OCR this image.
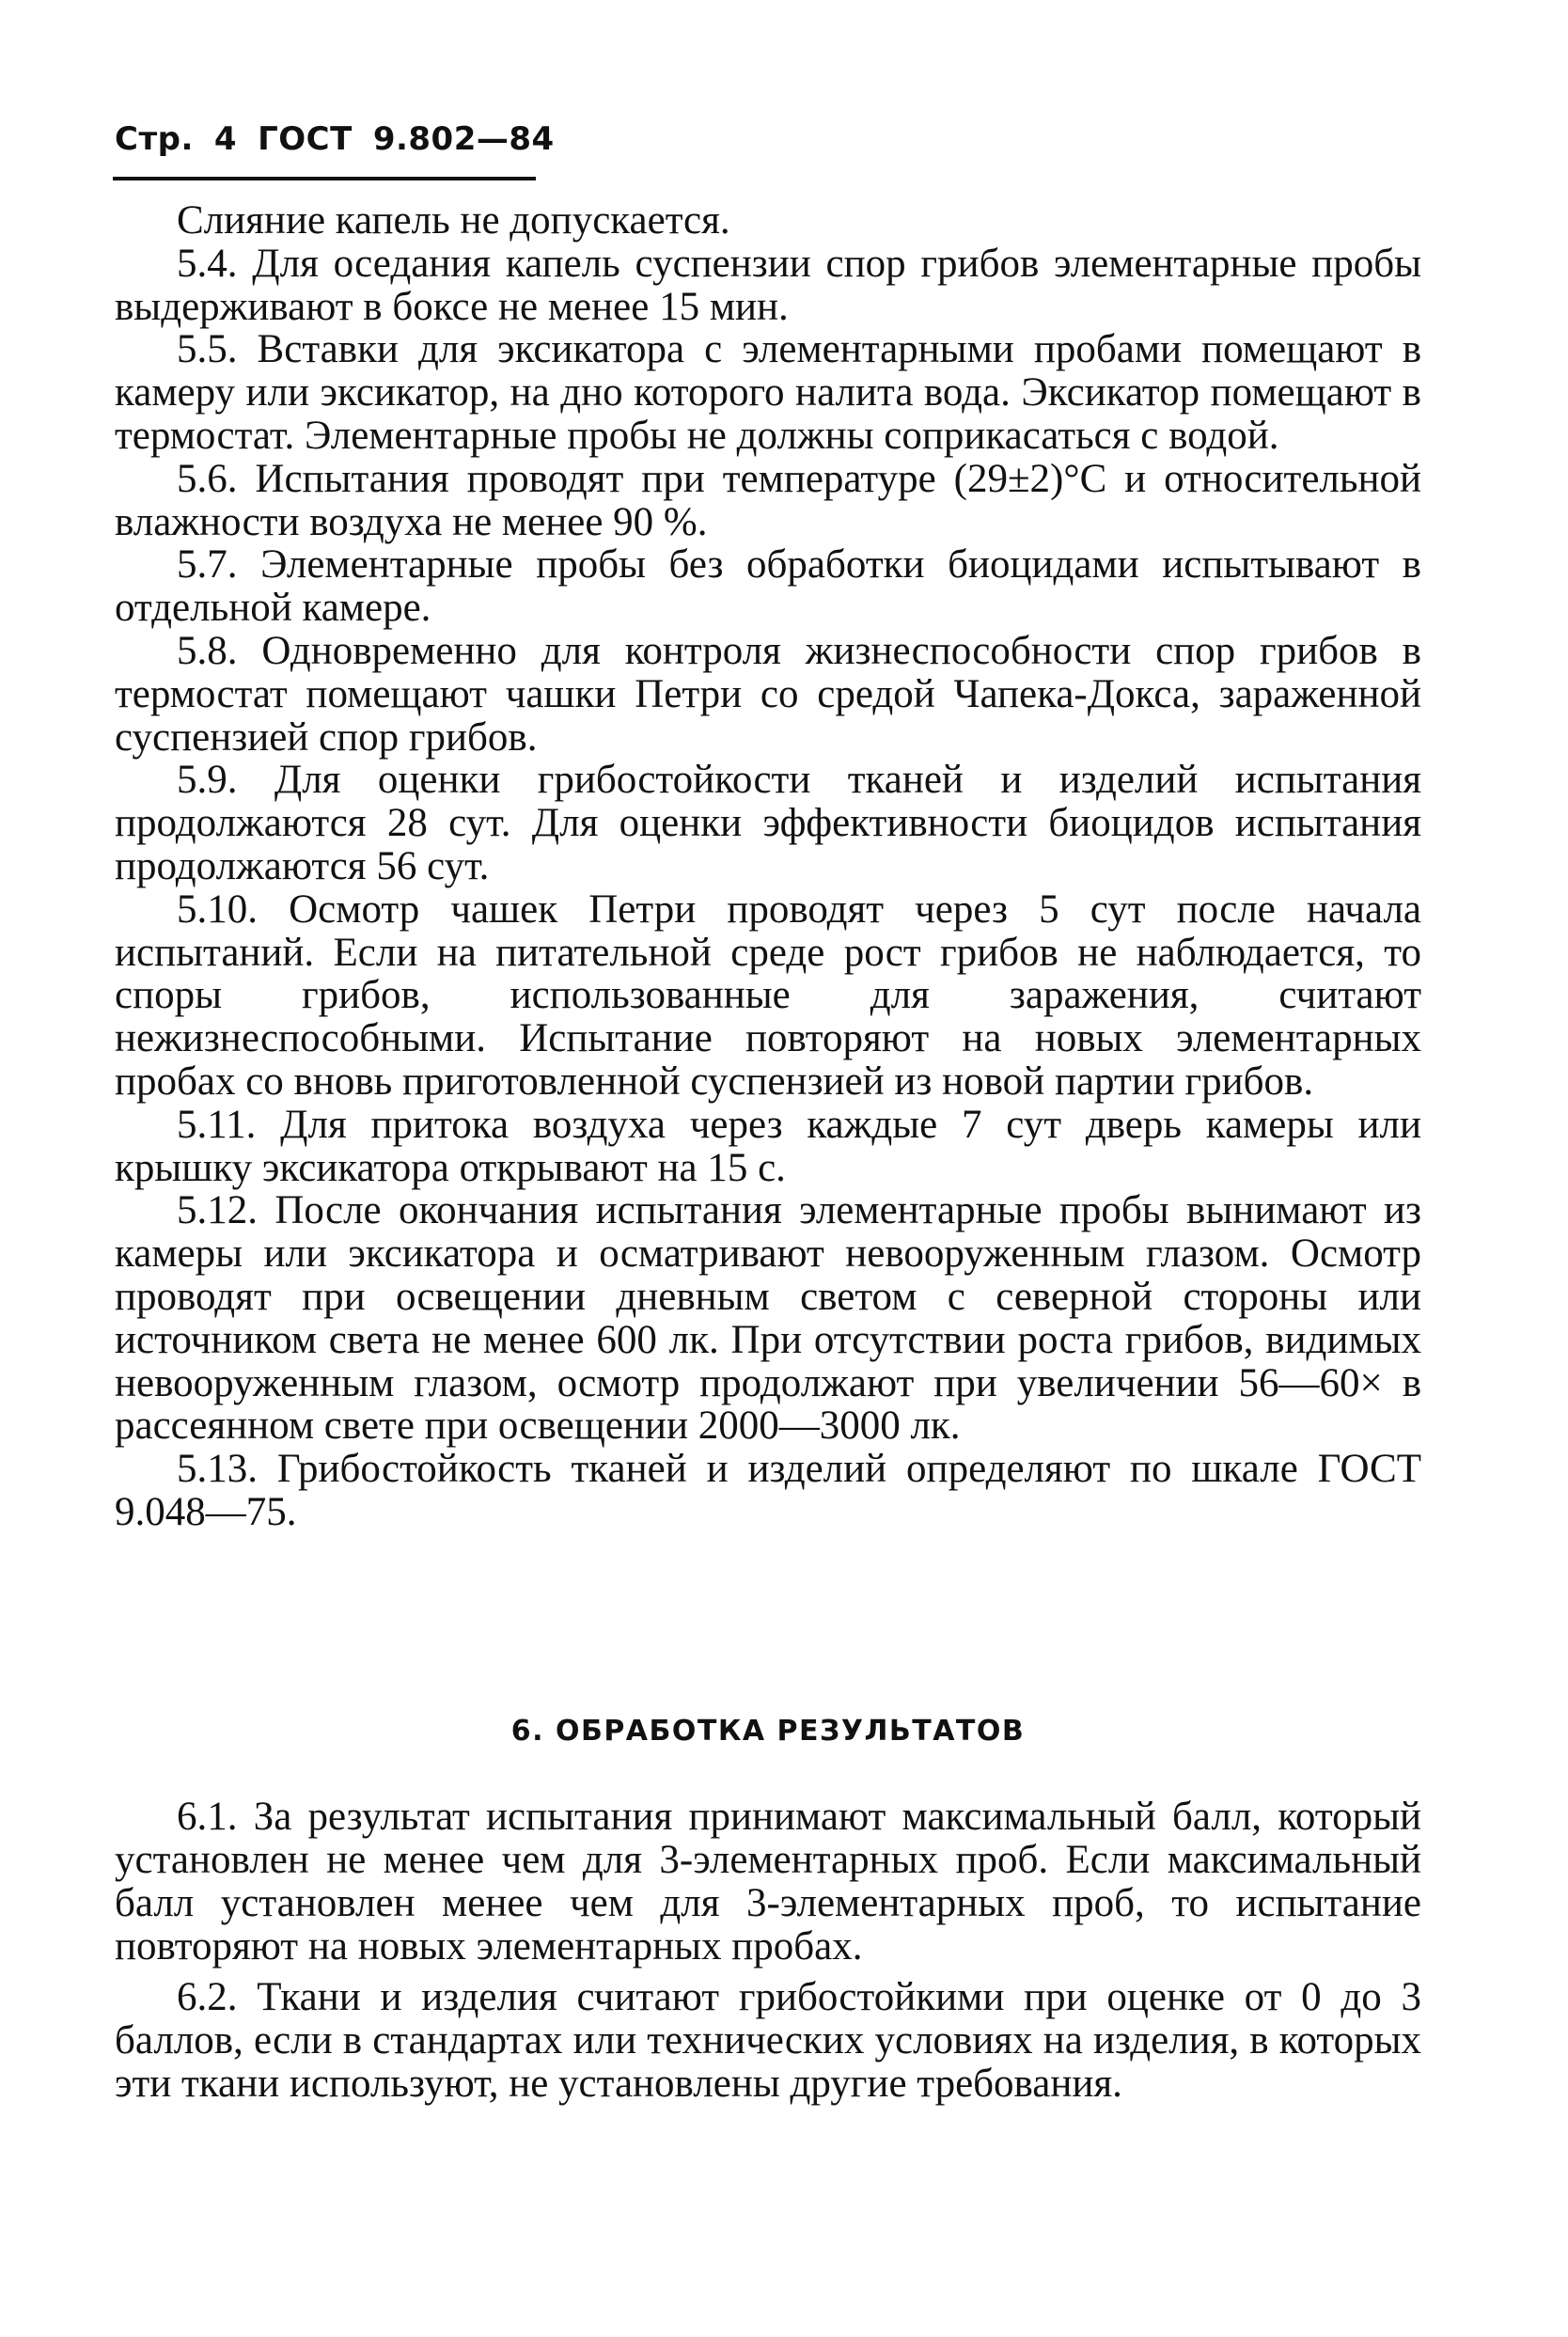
Стр. 4 ГОСТ 9.802—84

Слияние капель не допускается.

5.4. Для оседания капель суспензии спор грибов элементарные пробы выдерживают в боксе не менее 15 мин.

5.5. Вставки для эксикатора с элементарными пробами помещают в камеру или эксикатор, на дно которого налита вода. Эксикатор помещают в термостат. Элементарные пробы не должны соприкасаться с водой.

5.6. Испытания проводят при температуре (29±2)°С и относительной влажности воздуха не менее 90 %.

5.7. Элементарные пробы без обработки биоцидами испытывают в отдельной камере.

5.8. Одновременно для контроля жизнеспособности спор грибов в термостат помещают чашки Петри со средой Чапека-Докса, зараженной суспензией спор грибов.

5.9. Для оценки грибостойкости тканей и изделий испытания продолжаются 28 сут. Для оценки эффективности биоцидов испытания продолжаются 56 сут.

5.10. Осмотр чашек Петри проводят через 5 сут после начала испытаний. Если на питательной среде рост грибов не наблюдается, то споры грибов, использованные для заражения, считают нежизнеспособными. Испытание повторяют на новых элементарных пробах со вновь приготовленной суспензией из новой партии грибов.

5.11. Для притока воздуха через каждые 7 сут дверь камеры или крышку эксикатора открывают на 15 с.

5.12. После окончания испытания элементарные пробы вынимают из камеры или эксикатора и осматривают невооруженным глазом. Осмотр проводят при освещении дневным светом с северной стороны или источником света не менее 600 лк. При отсутствии роста грибов, видимых невооруженным глазом, осмотр продолжают при увеличении 56—60× в рассеянном свете при освещении 2000—3000 лк.

5.13. Грибостойкость тканей и изделий определяют по шкале ГОСТ 9.048—75.

6. ОБРАБОТКА РЕЗУЛЬТАТОВ

6.1. За результат испытания принимают максимальный балл, который установлен не менее чем для 3-элементарных проб. Если максимальный балл установлен менее чем для 3-элементарных проб, то испытание повторяют на новых элементарных пробах.

6.2. Ткани и изделия считают грибостойкими при оценке от 0 до 3 баллов, если в стандартах или технических условиях на изделия, в которых эти ткани используют, не установлены другие требования.
